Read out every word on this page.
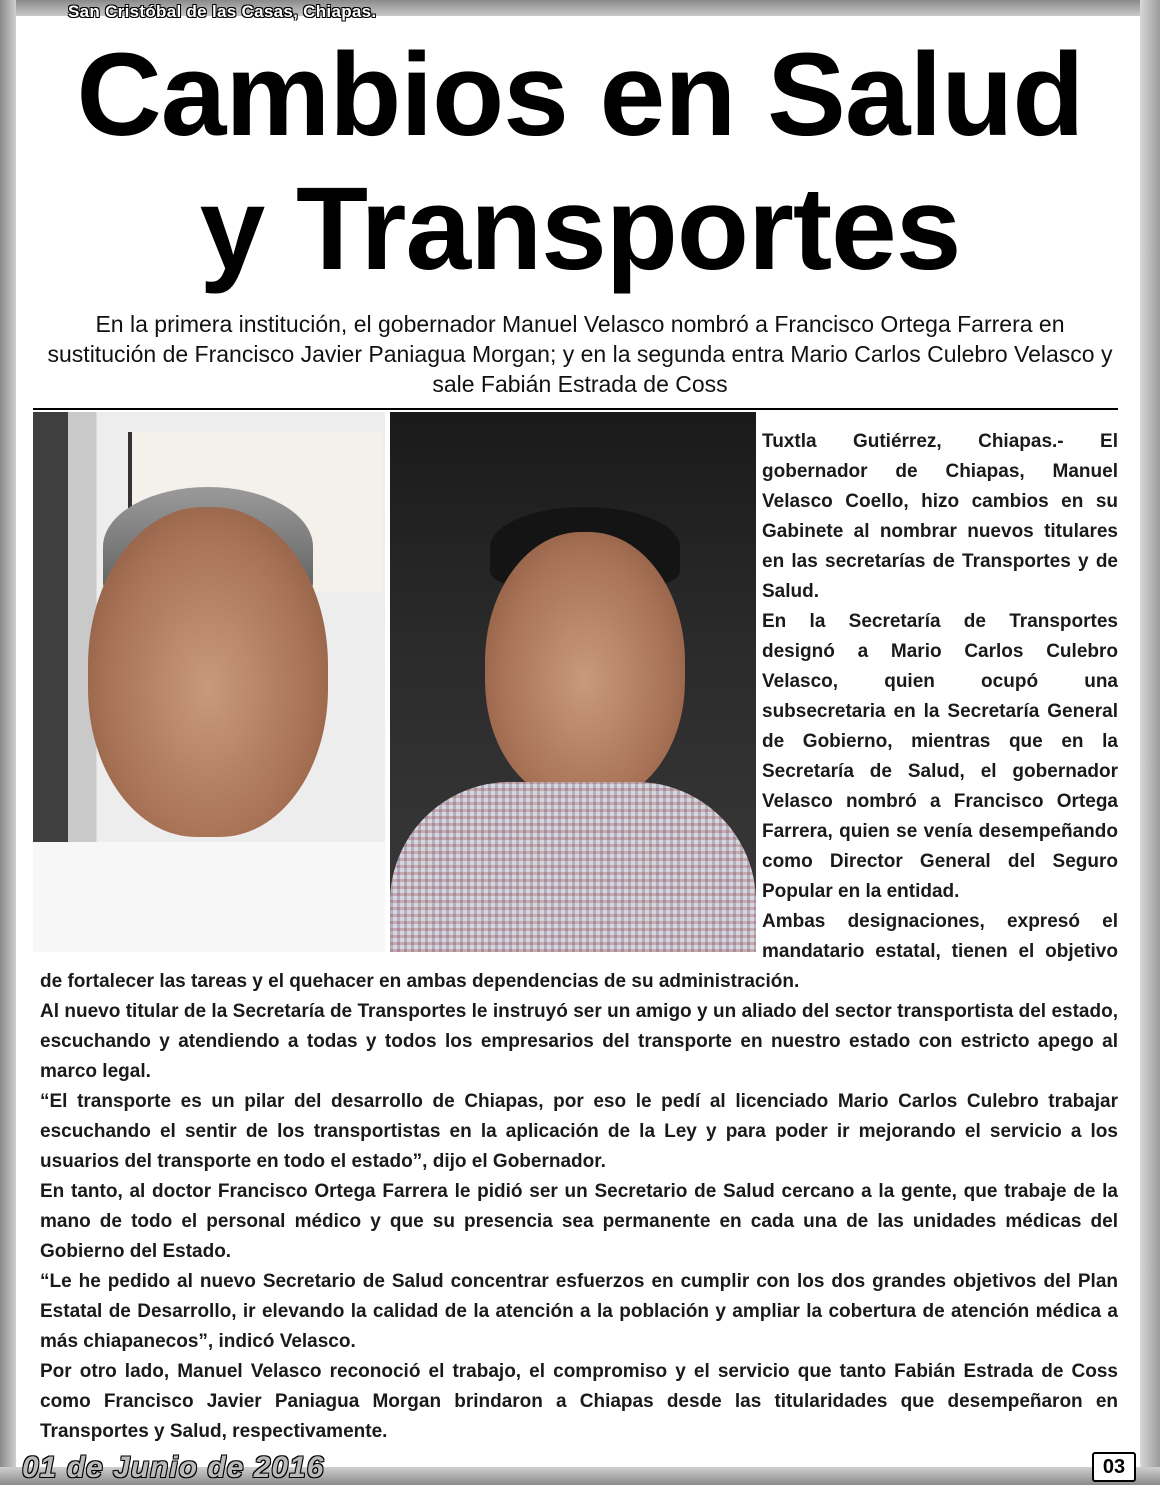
San Cristóbal de las Casas, Chiapas.
Cambios en Salud y Transportes

En la primera institución, el gobernador Manuel Velasco nombró a Francisco Ortega Farrera en sustitución de Francisco Javier Paniagua Morgan; y en la segunda entra Mario Carlos Culebro Velasco y sale Fabián Estrada de Coss

Tuxtla Gutiérrez, Chiapas.- El gobernador de Chiapas, Manuel Velasco Coello, hizo cambios en su Gabinete al nombrar nuevos titulares en las secretarías de Transportes y de Salud.

En la Secretaría de Transportes designó a Mario Carlos Culebro Velasco, quien ocupó una subsecretaria en la Secretaría General de Gobierno, mientras que en la Secretaría de Salud, el gobernador Velasco nombró a Francisco Ortega Farrera, quien se venía desempeñando como Director General del Seguro Popular en la entidad.

Ambas designaciones, expresó el mandatario estatal, tienen el objetivo de fortalecer las tareas y el quehacer en ambas dependencias de su administración.

Al nuevo titular de la Secretaría de Transportes le instruyó ser un amigo y un aliado del sector transportista del estado, escuchando y atendiendo a todas y todos los empresarios del transporte en nuestro estado con estricto apego al marco legal.

“El transporte es un pilar del desarrollo de Chiapas, por eso le pedí al licenciado Mario Carlos Culebro trabajar escuchando el sentir de los transportistas en la aplicación de la Ley y para poder ir mejorando el servicio a los usuarios del transporte en todo el estado”, dijo el Gobernador.

En tanto, al doctor Francisco Ortega Farrera le pidió ser un Secretario de Salud cercano a la gente, que trabaje de la mano de todo el personal médico y que su presencia sea permanente en cada una de las unidades médicas del Gobierno del Estado.

“Le he pedido al nuevo Secretario de Salud concentrar esfuerzos en cumplir con los dos grandes objetivos del Plan Estatal de Desarrollo, ir elevando la calidad de la atención a la población y ampliar la cobertura de atención médica a más chiapanecos”, indicó Velasco.

Por otro lado, Manuel Velasco reconoció el trabajo, el compromiso y el servicio que tanto Fabián Estrada de Coss como Francisco Javier Paniagua Morgan brindaron a Chiapas desde las titularidades que desempeñaron en Transportes y Salud, respectivamente.

01 de Junio de 2016	03
